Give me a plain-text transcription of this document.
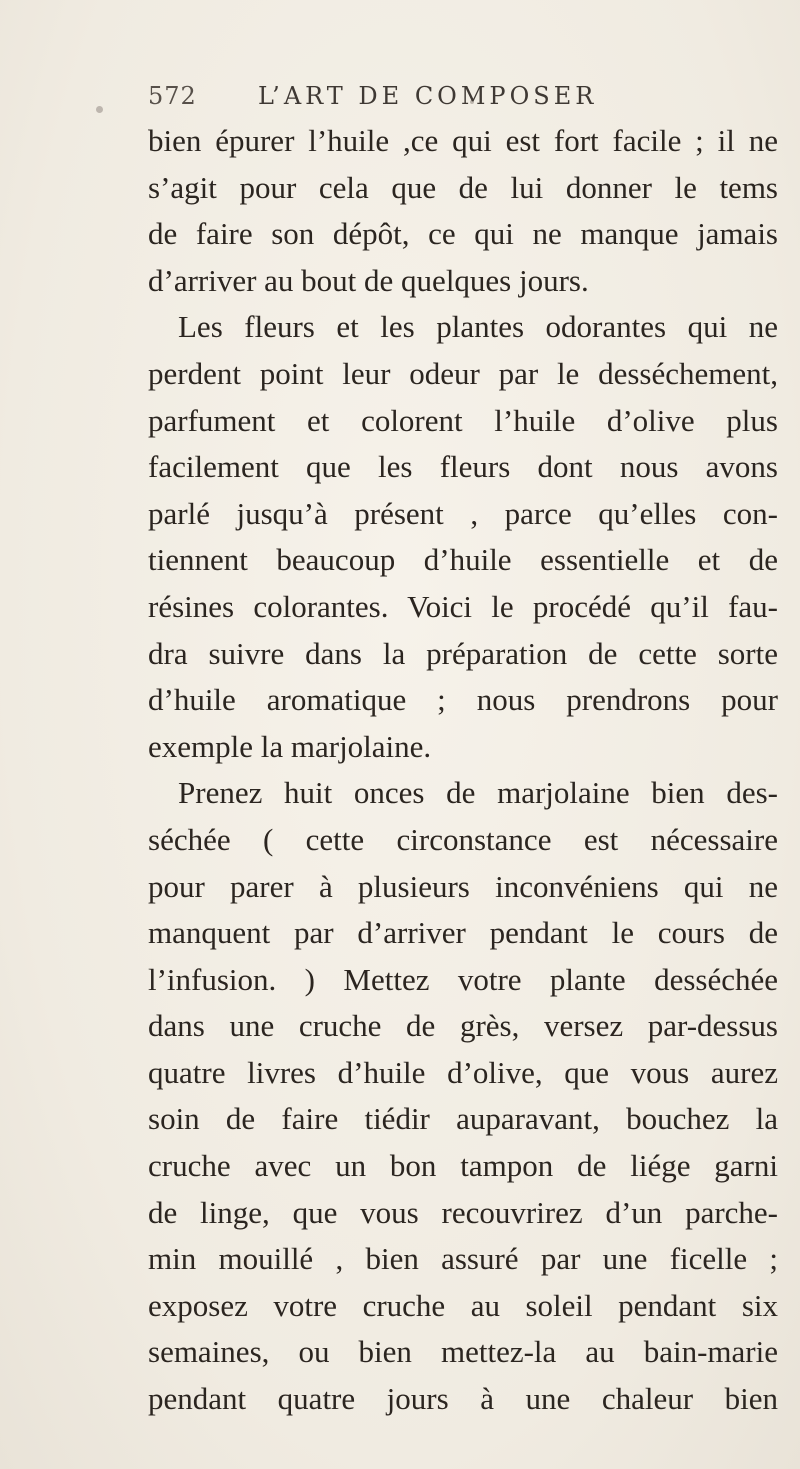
572	L’ART DE COMPOSER
bien épurer l’huile ,ce qui est fort facile ; il ne
s’agit pour cela que de lui donner le tems
de faire son dépôt, ce qui ne manque jamais
d’arriver au bout de quelques jours.
Les fleurs et les plantes odorantes qui ne
perdent point leur odeur par le desséchement,
parfument et colorent l’huile d’olive plus
facilement que les fleurs dont nous avons
parlé jusqu’à présent , parce qu’elles con-
tiennent beaucoup d’huile essentielle et de
résines colorantes. Voici le procédé qu’il fau-
dra suivre dans la préparation de cette sorte
d’huile aromatique ; nous prendrons pour
exemple la marjolaine.
Prenez huit onces de marjolaine bien des-
séchée ( cette circonstance est nécessaire
pour parer à plusieurs inconvéniens qui ne
manquent par d’arriver pendant le cours de
l’infusion. ) Mettez votre plante desséchée
dans une cruche de grès, versez par-dessus
quatre livres d’huile d’olive, que vous aurez
soin de faire tiédir auparavant, bouchez la
cruche avec un bon tampon de liége garni
de linge, que vous recouvrirez d’un parche-
min mouillé , bien assuré par une ficelle ;
exposez votre cruche au soleil pendant six
semaines, ou bien mettez-la au bain-marie
pendant quatre jours à une chaleur bien
